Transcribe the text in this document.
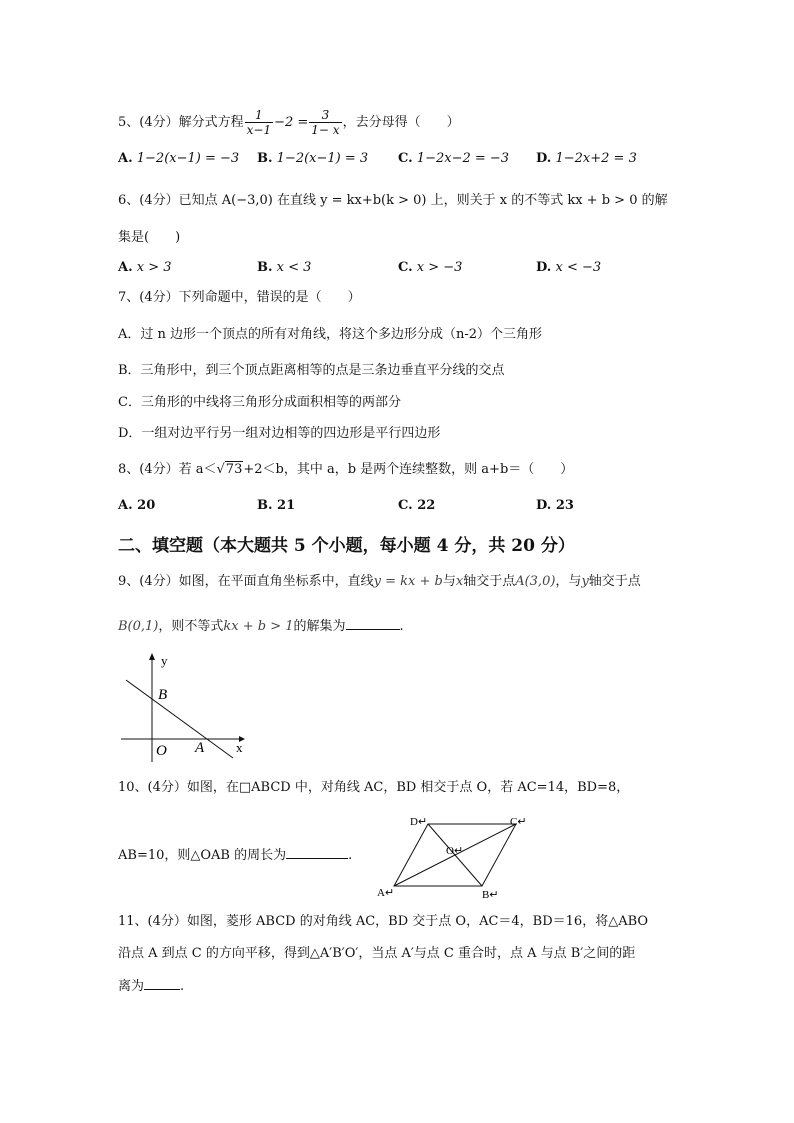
5、(4分）解分式方程 $\frac{1}{x-1} -2 = \frac{3}{1- x}$ ，去分母得（　　）
A. 1−2(x−1) = −3 B. 1−2(x−1) = 3 C. 1−2x−2 = −3 D. 1−2x+2 = 3
6、(4分）已知点 A(−3,0) 在直线 y = kx+b(k > 0) 上，则关于 x 的不等式 kx + b > 0 的解
集是(　　)
A. x > 3	B. x < 3	C. x > −3	D. x < −3
7、(4分）下列命题中，错误的是（　　）
A．过 n 边形一个顶点的所有对角线，将这个多边形分成（n-2）个三角形
B．三角形中，到三个顶点距离相等的点是三条边垂直平分线的交点
C．三角形的中线将三角形分成面积相等的两部分
D．一组对边平行另一组对边相等的四边形是平行四边形
8、(4分）若 a＜√73+2＜b，其中 a，b 是两个连续整数，则 a+b＝（　　）
A. 20	B. 21	C. 22	D. 23
二、填空题（本大题共 5 个小题，每小题 4 分，共 20 分）
9、(4分）如图，在平面直角坐标系中，直线y = kx + b与x轴交于点A(3,0)，与y轴交于点
B(0,1)，则不等式kx + b > 1的解集为	.
y
x
B
O A
10、(4分）如图，在□ABCD 中，对角线 AC，BD 相交于点 O，若 AC=14，BD=8，
AB=10，则△OAB 的周长为	.
D↵	C↵
O↵
A↵	B↵
11、(4分）如图，菱形 ABCD 的对角线 AC，BD 交于点 O，AC＝4，BD＝16，将△ABO
沿点 A 到点 C 的方向平移，得到△A′B′O′，当点 A′与点 C 重合时，点 A 与点 B′之间的距
离为	.
